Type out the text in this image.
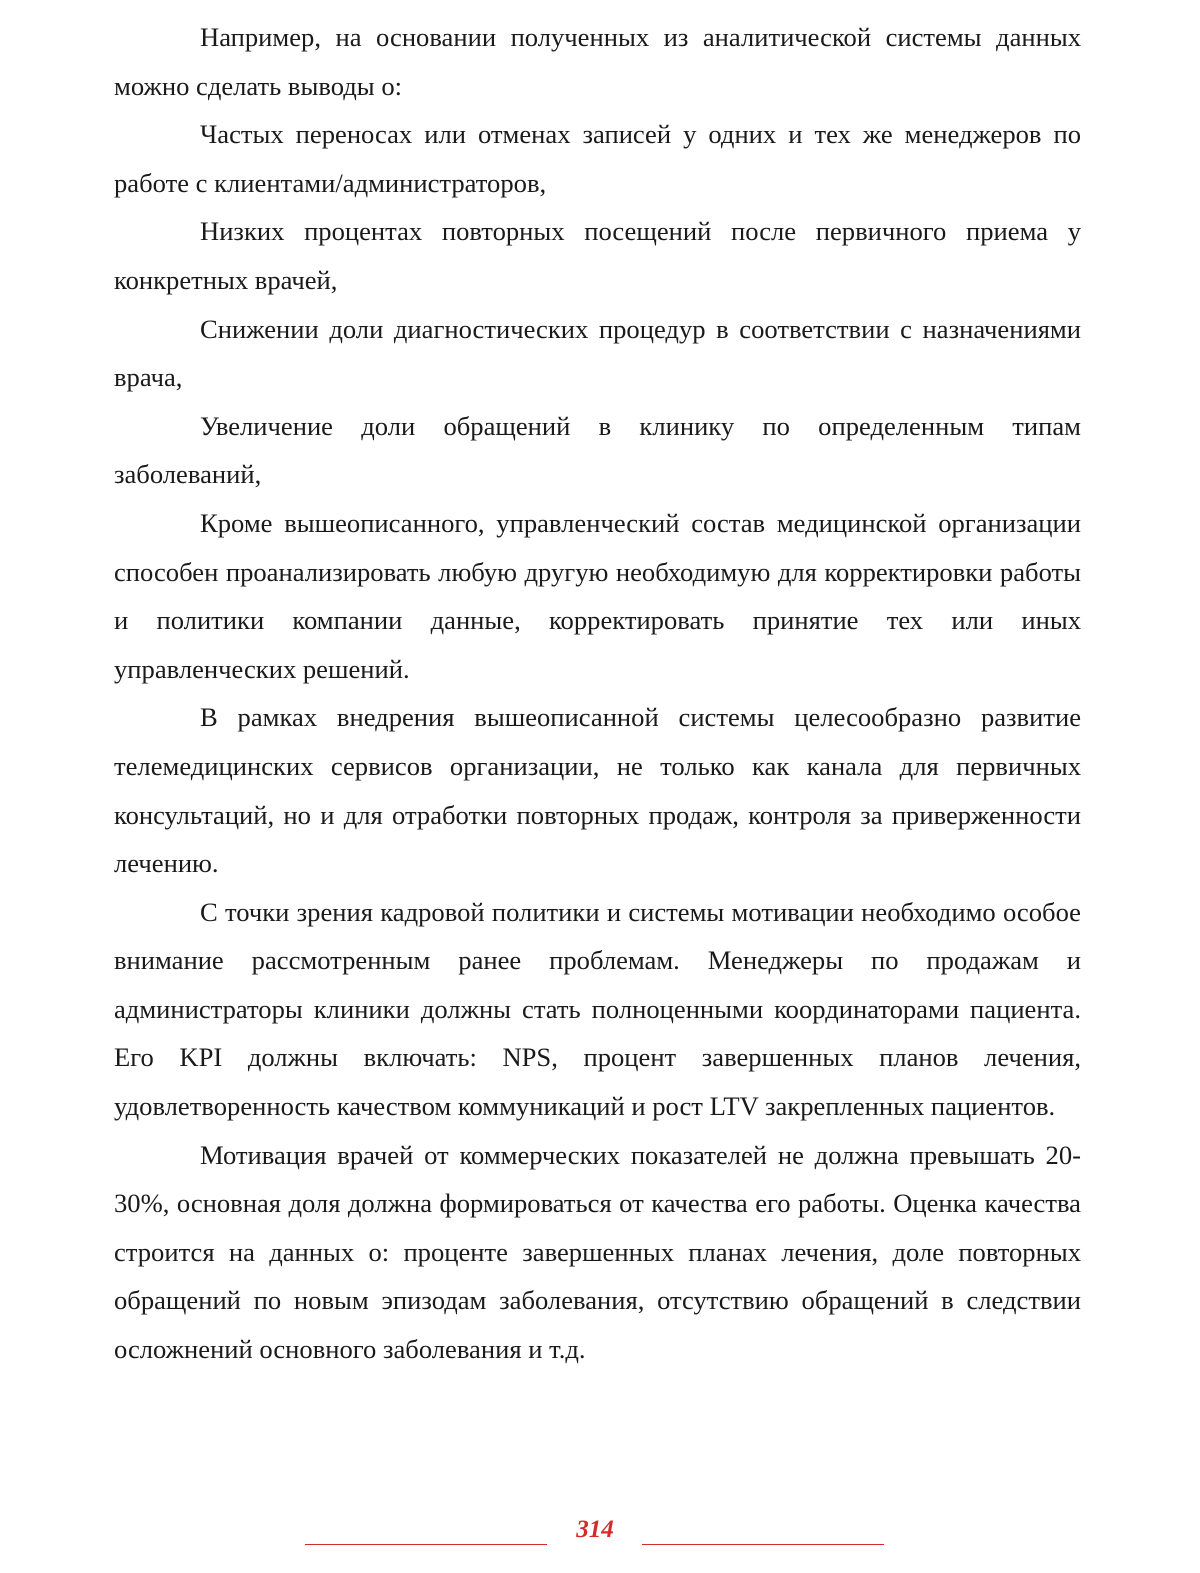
Например, на основании полученных из аналитической системы данных можно сделать выводы о:

Частых переносах или отменах записей у одних и тех же менеджеров по работе с клиентами/администраторов,

Низких процентах повторных посещений после первичного приема у конкретных врачей,

Снижении доли диагностических процедур в соответствии с назначениями врача,

Увеличение доли обращений в клинику по определенным типам заболеваний,

Кроме вышеописанного, управленческий состав медицинской организации способен проанализировать любую другую необходимую для корректировки работы и политики компании данные, корректировать принятие тех или иных управленческих решений.

В рамках внедрения вышеописанной системы целесообразно развитие телемедицинских сервисов организации, не только как канала для первичных консультаций, но и для отработки повторных продаж, контроля за приверженности лечению.

С точки зрения кадровой политики и системы мотивации необходимо особое внимание рассмотренным ранее проблемам. Менеджеры по продажам и администраторы клиники должны стать полноценными координаторами пациента. Его KPI должны включать: NPS, процент завершенных планов лечения, удовлетворенность качеством коммуникаций и рост LTV закрепленных пациентов.

Мотивация врачей от коммерческих показателей не должна превышать 20-30%, основная доля должна формироваться от качества его работы. Оценка качества строится на данных о: проценте завершенных планах лечения, доле повторных обращений по новым эпизодам заболевания, отсутствию обращений в следствии осложнений основного заболевания и т.д.

314
